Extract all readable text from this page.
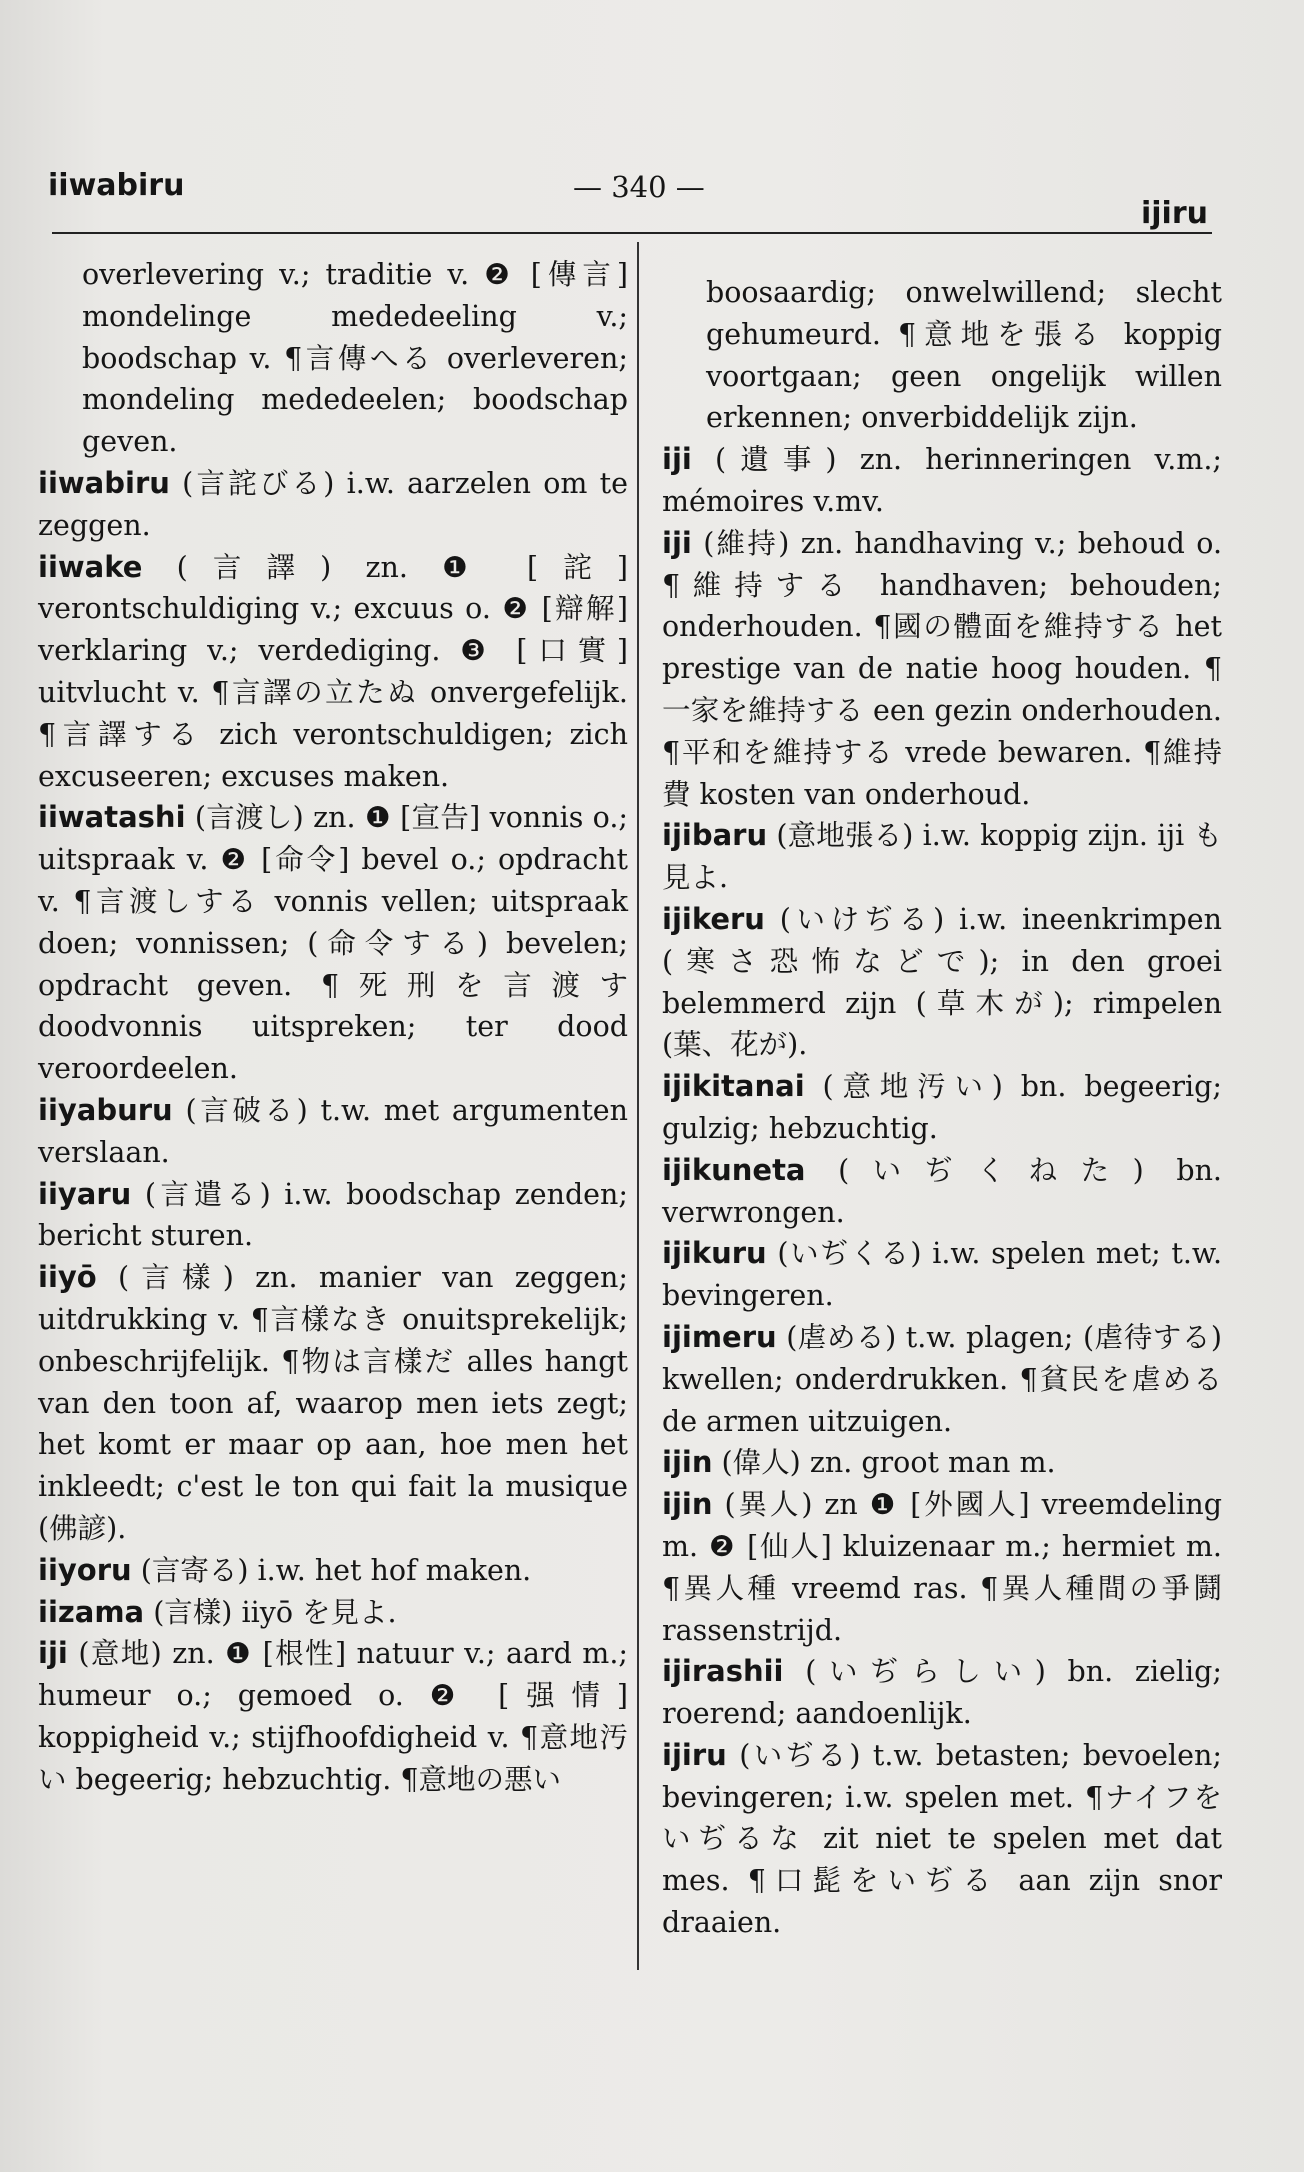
iiwabiru	— 340 —
ijiru

overlevering v.; traditie v. ❷ [傳言] mondelinge mededeeling v.; boodschap v. ¶言傳へる overleveren; mondeling mededeelen; boodschap geven.

iiwabiru (言詫びる) i.w. aarzelen om te zeggen.

iiwake (言譯) zn. ❶ [詫] verontschuldiging v.; excuus o. ❷ [辯解] verklaring v.; verdediging. ❸ [口實] uitvlucht v. ¶言譯の立たぬ onvergefelijk. ¶言譯する zich verontschuldigen; zich excuseeren; excuses maken.

iiwatashi (言渡し) zn. ❶ [宣告] vonnis o.; uitspraak v. ❷ [命令] bevel o.; opdracht v. ¶言渡しする vonnis vellen; uitspraak doen; vonnissen; (命令する) bevelen; opdracht geven. ¶死刑を言渡す doodvonnis uitspreken; ter dood veroordeelen.

iiyaburu (言破る) t.w. met argumenten verslaan.

iiyaru (言遣る) i.w. boodschap zenden; bericht sturen.

iiyō (言樣) zn. manier van zeggen; uitdrukking v. ¶言樣なき onuitsprekelijk; onbeschrijfelijk. ¶物は言樣だ alles hangt van den toon af, waarop men iets zegt; het komt er maar op aan, hoe men het inkleedt; c'est le ton qui fait la musique (佛諺).

iiyoru (言寄る) i.w. het hof maken.

iizama (言樣) iiyō を見よ.

iji (意地) zn. ❶ [根性] natuur v.; aard m.; humeur o.; gemoed o. ❷ [强情] koppigheid v.; stijfhoofdigheid v. ¶意地汚い begeerig; hebzuchtig. ¶意地の悪い

boosaardig; onwelwillend; slecht gehumeurd. ¶意地を張る koppig voortgaan; geen ongelijk willen erkennen; onverbiddelijk zijn.

iji (遺事) zn. herinneringen v.m.; mémoires v.mv.

iji (維持) zn. handhaving v.; behoud o. ¶維持する handhaven; behouden; onderhouden. ¶國の體面を維持する het prestige van de natie hoog houden. ¶一家を維持する een gezin onderhouden. ¶平和を維持する vrede bewaren. ¶維持費 kosten van onderhoud.

ijibaru (意地張る) i.w. koppig zijn. iji も見よ.

ijikeru (いけぢる) i.w. ineenkrimpen (寒さ恐怖などで); in den groei belemmerd zijn (草木が); rimpelen (葉、花が).

ijikitanai (意地汚い) bn. begeerig; gulzig; hebzuchtig.

ijikuneta (いぢくねた) bn. verwrongen.

ijikuru (いぢくる) i.w. spelen met; t.w. bevingeren.

ijimeru (虐める) t.w. plagen; (虐待する) kwellen; onderdrukken. ¶貧民を虐める de armen uitzuigen.

ijin (偉人) zn. groot man m.

ijin (異人) zn ❶ [外國人] vreemdeling m. ❷ [仙人] kluizenaar m.; hermiet m. ¶異人種 vreemd ras. ¶異人種間の爭鬪 rassenstrijd.

ijirashii (いぢらしい) bn. zielig; roerend; aandoenlijk.

ijiru (いぢる) t.w. betasten; bevoelen; bevingeren; i.w. spelen met. ¶ナイフをいぢるな zit niet te spelen met dat mes. ¶口髭をいぢる aan zijn snor draaien.
